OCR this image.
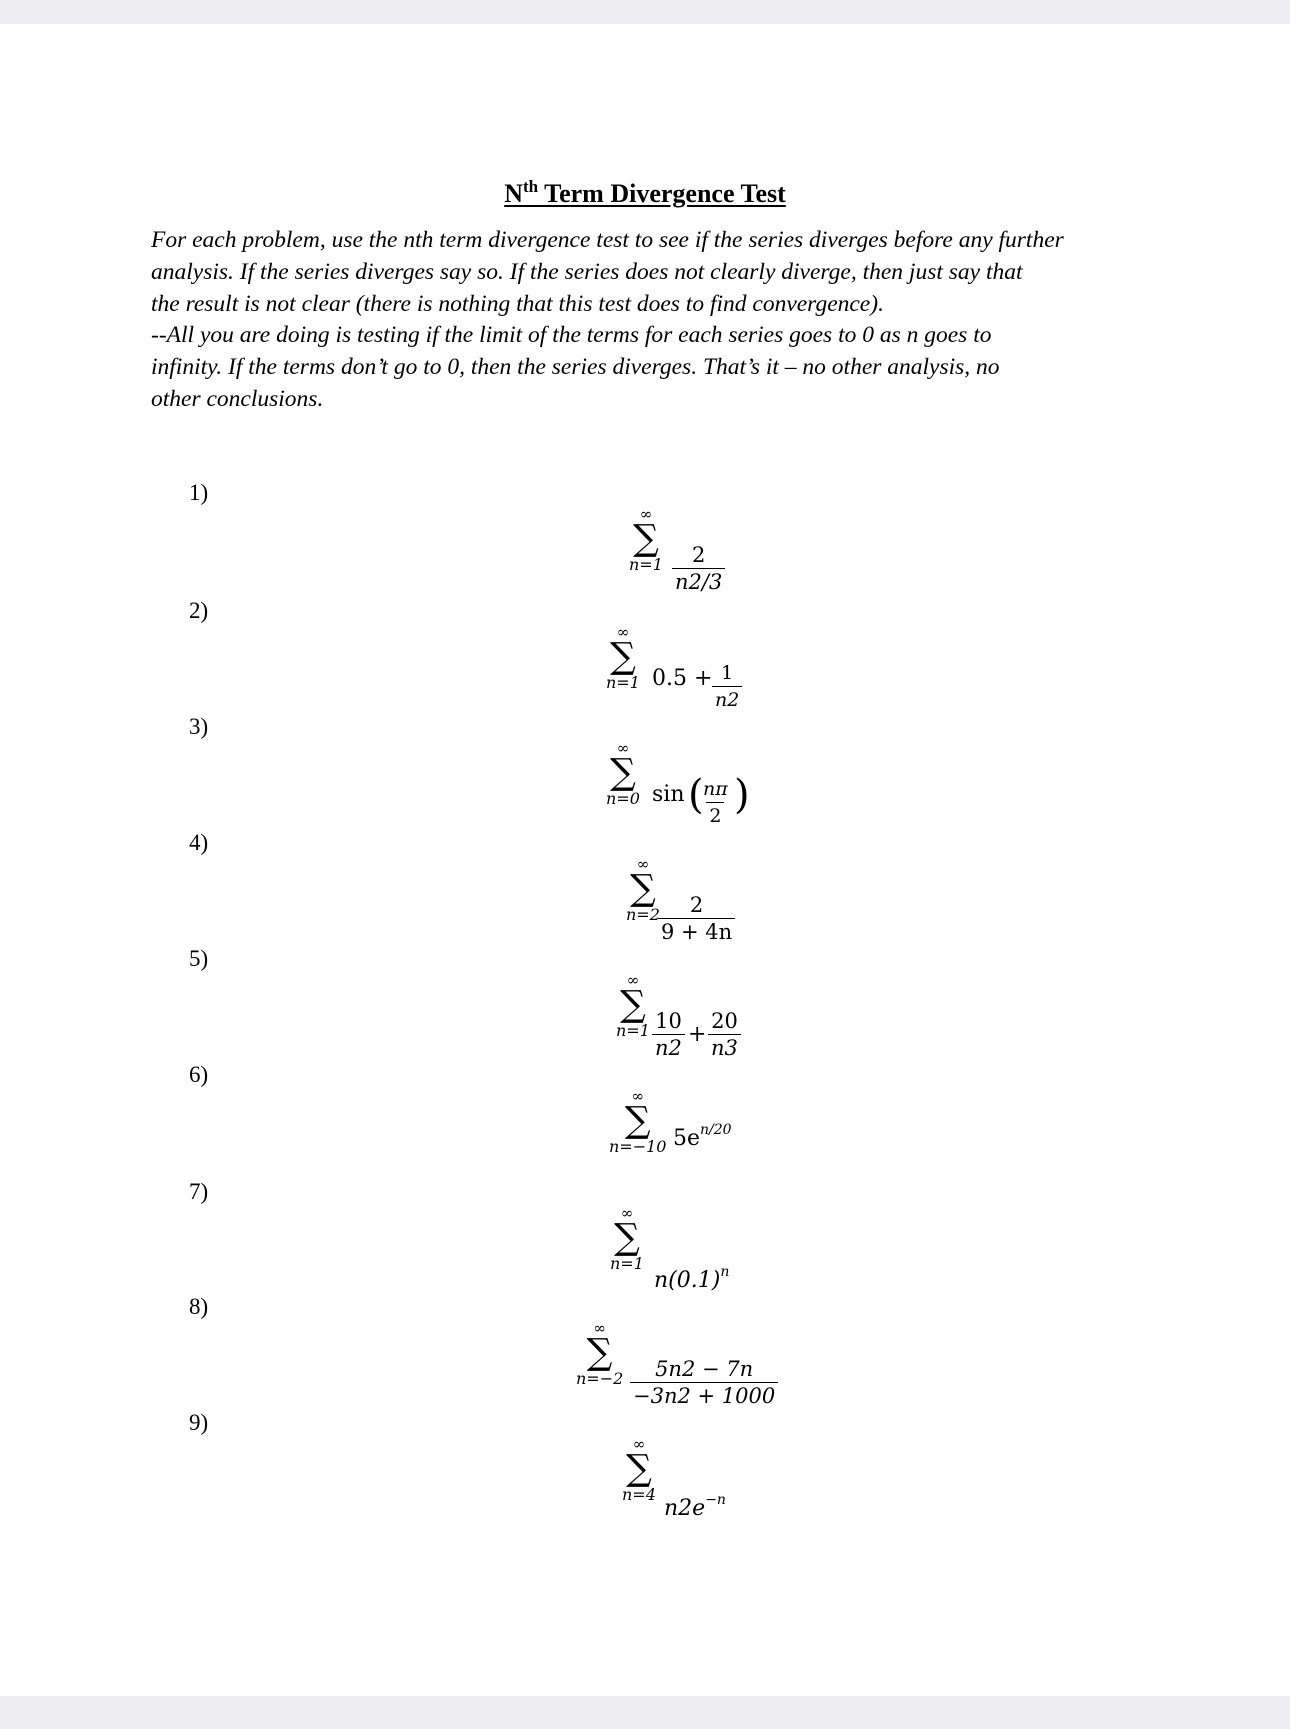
$N^{th}$ Term Divergence Test

For each problem, use the nth term divergence test to see if the series diverges before any further

analysis. If the series diverges say so. If the series does not clearly diverge, then just say that

the result is not clear (there is nothing that this test does to find convergence).

--All you are doing is testing if the limit of the terms for each series goes to 0 as n goes to

infinity. If the terms don’t go to 0, then the series diverges. That’s it – no other analysis, no

other conclusions.

1)
∞
∑
$n=1 \frac{2}{n2/3}$
2)
∞
∑
n=1 $0.5 + \frac{1}{n2}$
3)
∞
∑
n=0 sin (
$\frac{n\pi}{2}$ )
4)
∞
∑
n=2
$\frac{2}{9 + 4n}$
5)
∞
∑
$n=1 \frac{10}{n2} + \frac{20}{n3}$
6)
∞
∑
n=−10 $5e^{n/20}$
7)
∞
∑
n=1
$n(0.1)^n$
8)
∞
∑
$n=-2 \frac{5n2 - 7n}{-3n2 + 1000}$
9)
∞
∑
n=4
$n2e^{-n}$
